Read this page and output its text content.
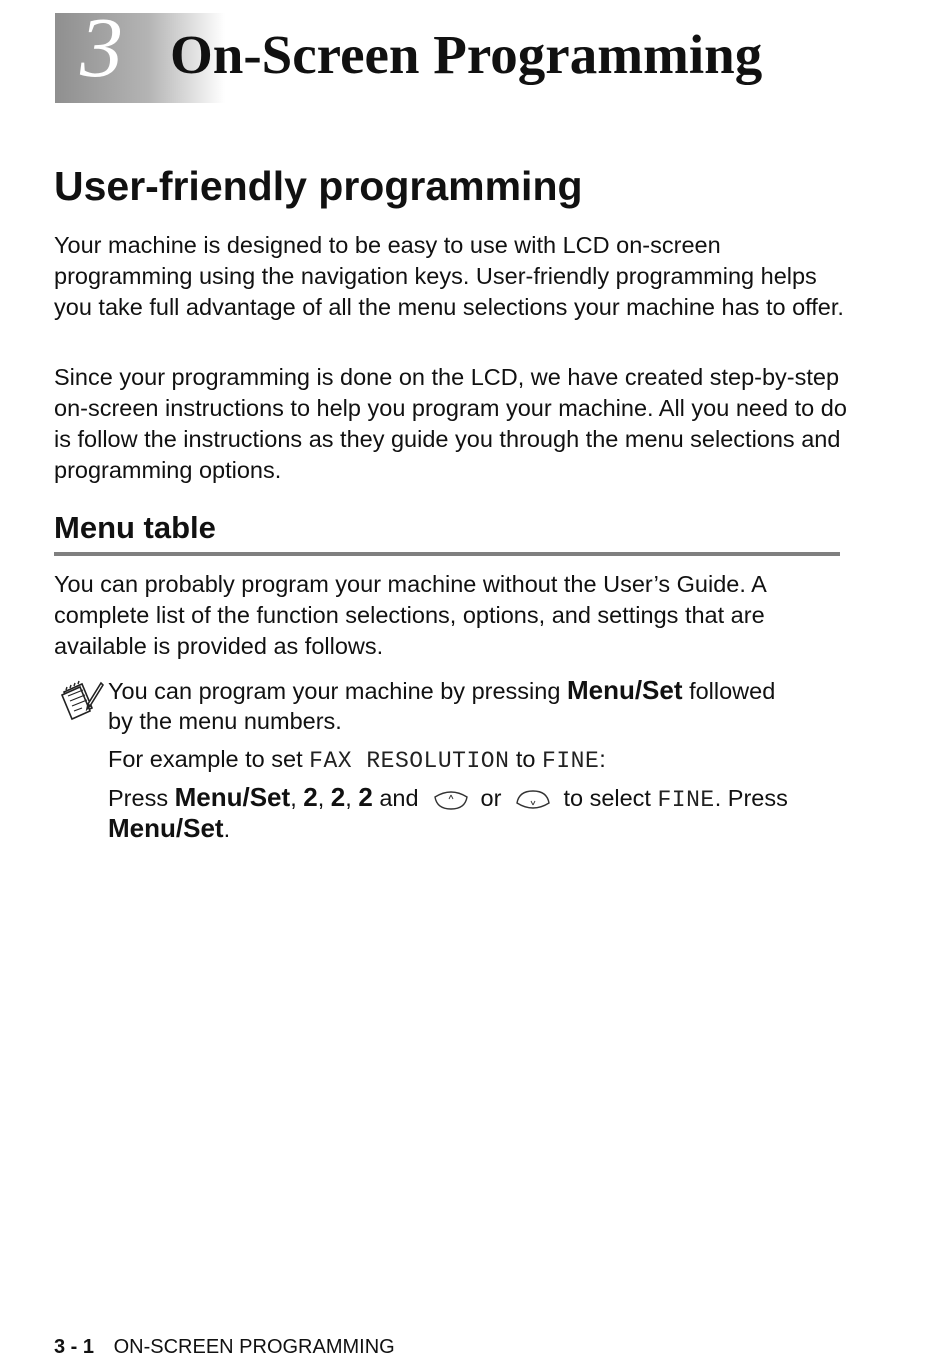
3 On-Screen Programming
User-friendly programming

Your machine is designed to be easy to use with LCD on-screen programming using the navigation keys. User-friendly programming helps you take full advantage of all the menu selections your machine has to offer.

Since your programming is done on the LCD, we have created step-by-step on-screen instructions to help you program your machine. All you need to do is follow the instructions as they guide you through the menu selections and programming options.

Menu table

You can probably program your machine without the User’s Guide. A complete list of the function selections, options, and settings that are available is provided as follows.

You can program your machine by pressing Menu/Set followed
by the menu numbers.
For example to set FAX RESOLUTION to FINE:
Press Menu/Set, 2, 2, 2 and	or	to select FINE. Press
Menu/Set.
3 - 1 ON-SCREEN PROGRAMMING
